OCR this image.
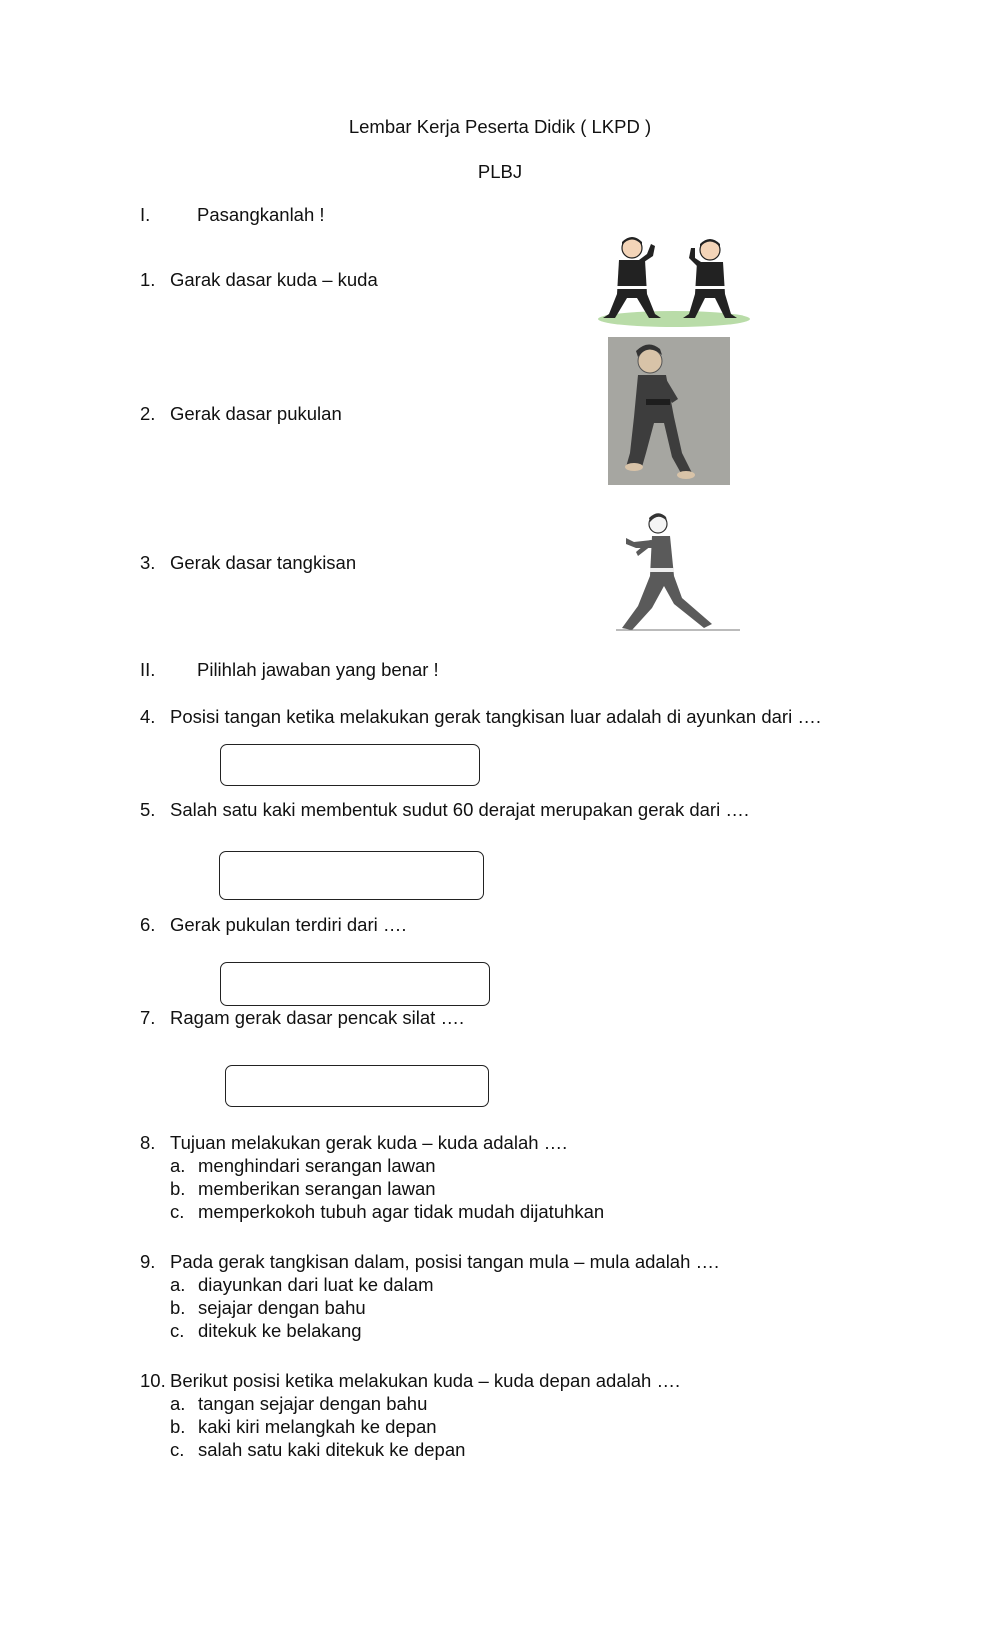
Lembar Kerja Peserta Didik ( LKPD )
PLBJ
I.	Pasangkanlah !
1. Garak dasar kuda – kuda
2. Gerak dasar pukulan
3. Gerak dasar tangkisan
II. Pilihlah jawaban yang benar !
4. Posisi tangan ketika melakukan gerak tangkisan luar adalah di ayunkan dari ….
5. Salah satu kaki membentuk sudut 60 derajat merupakan gerak dari ….
6. Gerak pukulan terdiri dari ….
7. Ragam gerak dasar pencak silat ….
8. Tujuan melakukan gerak kuda – kuda adalah ….
a. menghindari serangan lawan
b. memberikan serangan lawan
c. memperkokoh tubuh agar tidak mudah dijatuhkan
9. Pada gerak tangkisan dalam, posisi tangan mula – mula adalah ….
a. diayunkan dari luat ke dalam
b. sejajar dengan bahu
c. ditekuk ke belakang
10. Berikut posisi ketika melakukan kuda – kuda depan adalah ….
a. tangan sejajar dengan bahu
b. kaki kiri melangkah ke depan
c. salah satu kaki ditekuk ke depan
